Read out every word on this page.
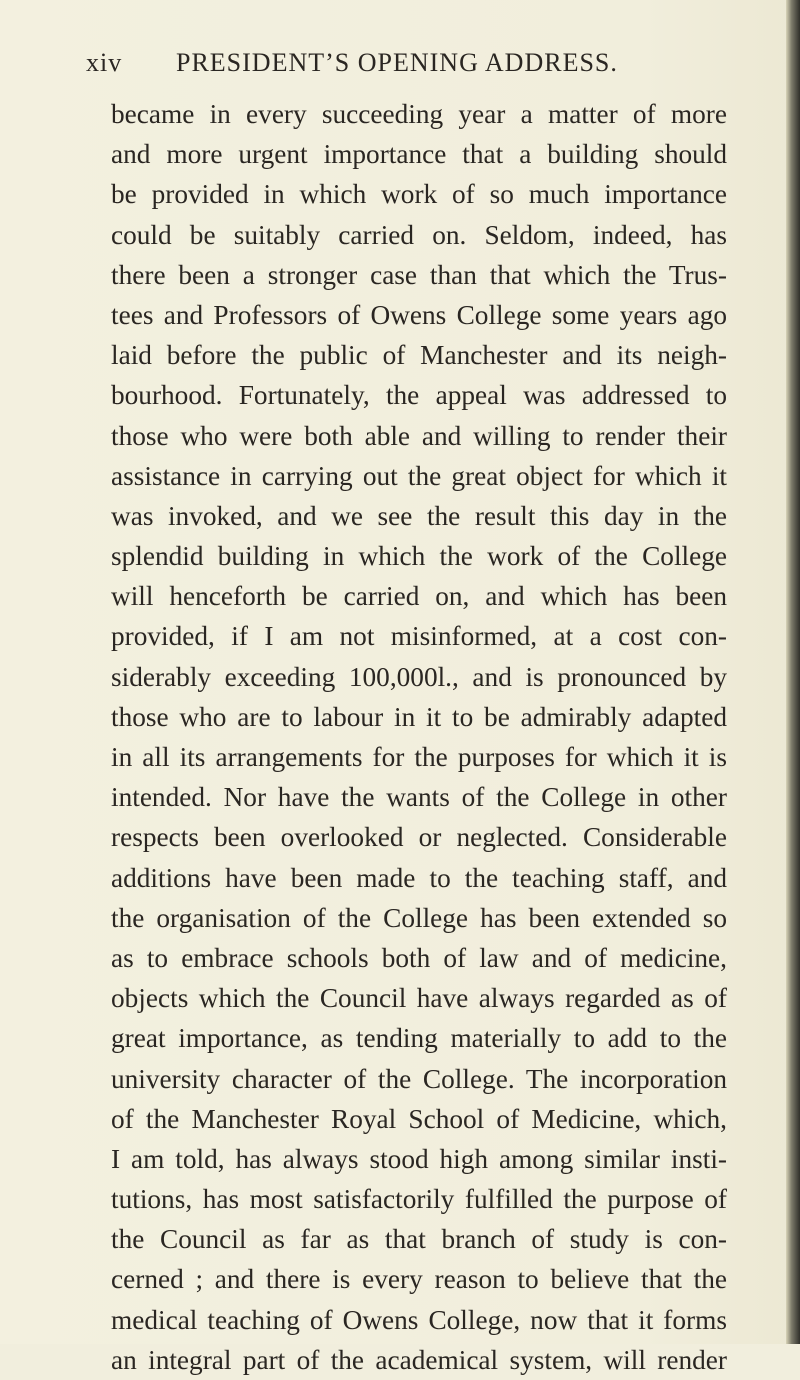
xiv PRESIDENT’S OPENING ADDRESS.
became in every succeeding year a matter of more
and more urgent importance that a building should
be provided in which work of so much importance
could be suitably carried on. Seldom, indeed, has
there been a stronger case than that which the Trus-
tees and Professors of Owens College some years ago
laid before the public of Manchester and its neigh-
bourhood. Fortunately, the appeal was addressed to
those who were both able and willing to render their
assistance in carrying out the great object for which it
was invoked, and we see the result this day in the
splendid building in which the work of the College
will henceforth be carried on, and which has been
provided, if I am not misinformed, at a cost con-
siderably exceeding 100,000l., and is pronounced by
those who are to labour in it to be admirably adapted
in all its arrangements for the purposes for which it is
intended. Nor have the wants of the College in other
respects been overlooked or neglected. Considerable
additions have been made to the teaching staff, and
the organisation of the College has been extended so
as to embrace schools both of law and of medicine,
objects which the Council have always regarded as of
great importance, as tending materially to add to the
university character of the College. The incorporation
of the Manchester Royal School of Medicine, which,
I am told, has always stood high among similar insti-
tutions, has most satisfactorily fulfilled the purpose of
the Council as far as that branch of study is con-
cerned ; and there is every reason to believe that the
medical teaching of Owens College, now that it forms
an integral part of the academical system, will render
